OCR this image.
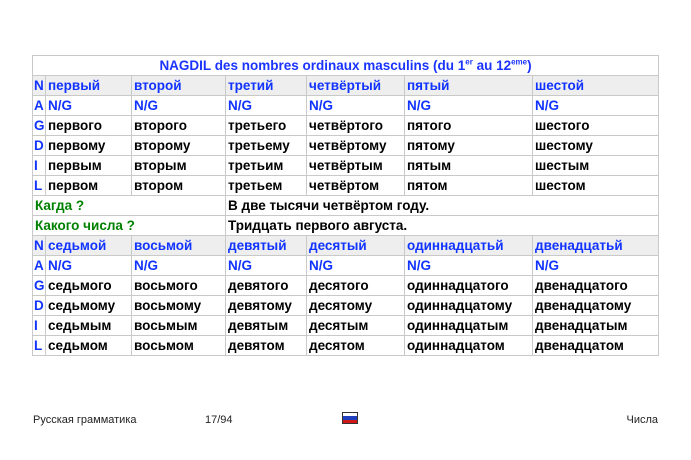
NAGDIL des nombres ordinaux masculins (du 1er au 12eme)						
N	первый	второй	третий	четвёртый	пятый	шестой
A	N/G	N/G	N/G	N/G	N/G	N/G
G	первого	второго	третьего	четвёртого	пятого	шестого
D	первому	второму	третьему	четвёртому	пятому	шестому
I	первым	вторым	третьим	четвёртым	пятым	шестым
L	первом	втором	третьем	четвёртом	пятом	шестом
Кагда ?			В две тысячи четвёртом году.			
Какого числа ?			Тридцать первого августа.			
N	седьмой	восьмой	девятый	десятый	одиннадцатьй	двенадцатьй
A	N/G	N/G	N/G	N/G	N/G	N/G
G	седьмого	восьмого	девятого	десятого	одиннадцатого	двенадцатого
D	седьмому	восьмому	девятому	десятому	одиннадцатому	двенадцатому
I	седьмым	восьмым	девятым	десятым	одиннадцатым	двенадцатым
L	седьмом	восьмом	девятом	десятом	одиннадцатом	двенадцатом
Русская грамматика	17/94	Числа
